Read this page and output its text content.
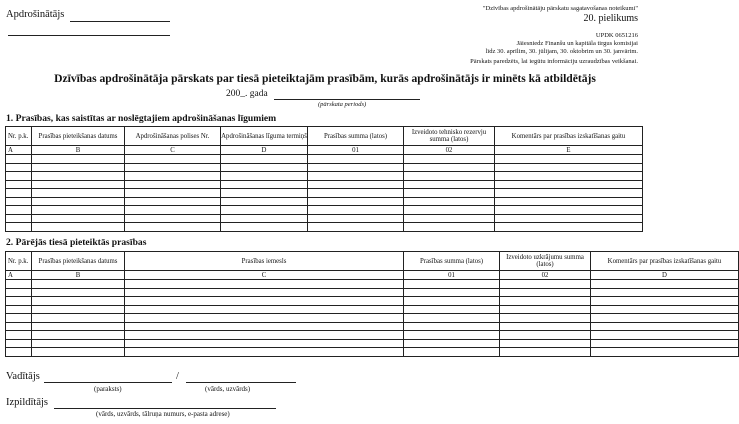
Apdrošinātājs
"Dzīvības apdrošinātāju pārskatu sagatavošanas noteikumi"
20. pielikums
UPDK 0651216
Jāiesniedz Finanšu un kapitāla tirgus komisijai
līdz 30. aprīlim, 30. jūlijam, 30. oktobrim un 30. janvārim.
Pārskats paredzēts, lai iegūtu informāciju uzraudzības veikšanai.
Dzīvības apdrošinātāja pārskats par tiesā pieteiktajām prasībām, kurās apdrošinātājs ir minēts kā atbildētājs
200_. gada
(pārskata periods)
1. Prasības, kas saistītas ar noslēgtajiem apdrošināšanas līgumiem
Nr. p.k.	Prasības pieteikšanas datums	Apdrošināšanas polises Nr.	Apdrošināšanas līguma termiņš	Prasības summa (latos)	Izveidoto tehnisko rezervju summa (latos)	Komentārs par prasības izskatīšanas gaitu
A	B	C	D	01	02	E

2. Pārējās tiesā pieteiktās prasības
Nr. p.k.	Prasības pieteikšanas datums	Prasības iemesls	Prasības summa (latos)	Izveidoto uzkrājumu summa (latos)	Komentārs par prasības izskatīšanas gaitu
A	B	C	01	02	D

Vadītājs	/
(paraksts)	(vārds, uzvārds)
Izpildītājs
(vārds, uzvārds, tālruņa numurs, e-pasta adrese)
